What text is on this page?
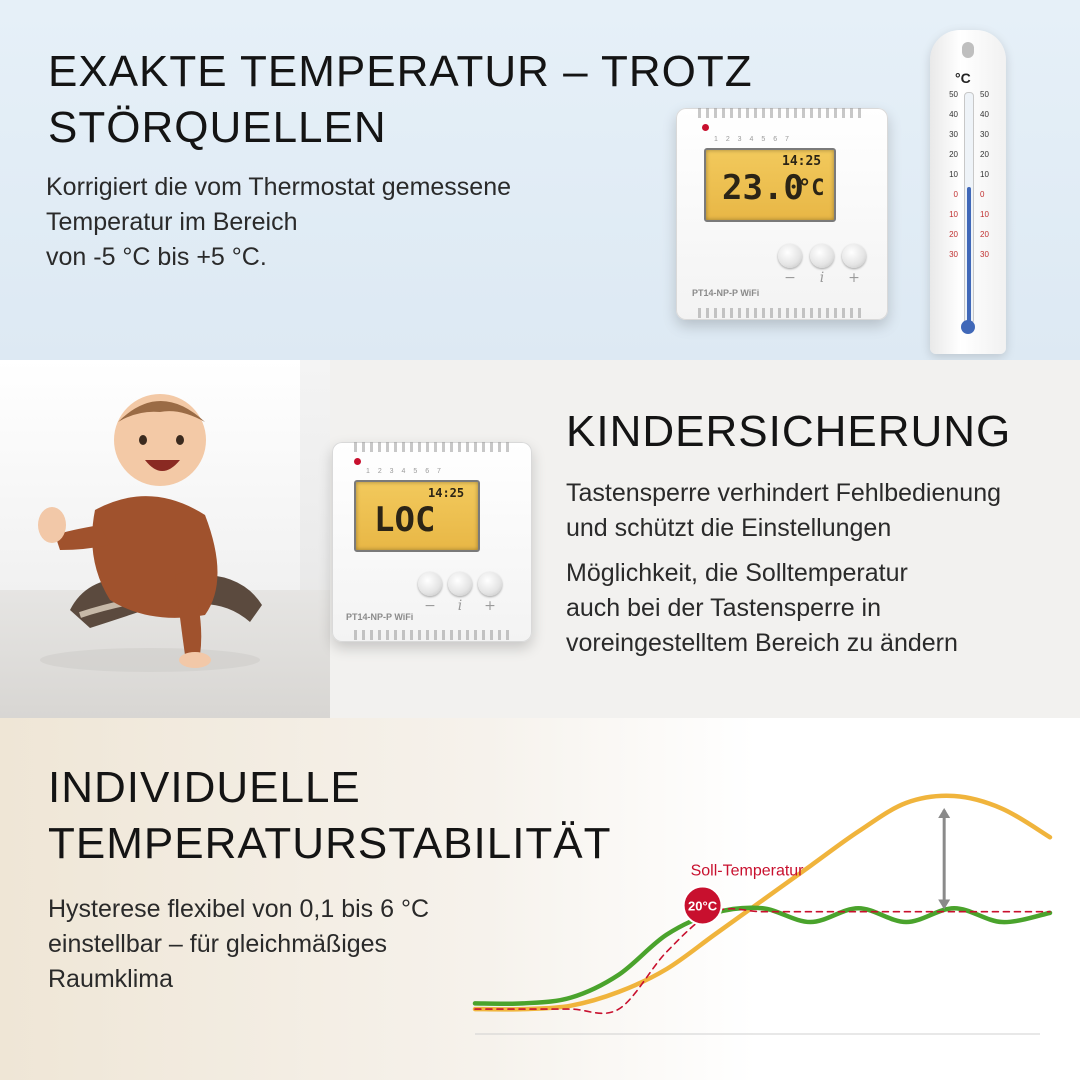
EXAKTE TEMPERATUR – TROTZ
STÖRQUELLEN

Korrigiert die vom Thermostat gemessene
Temperatur im Bereich
von -5 °C bis +5 °C.

1 2 3 4 5 6 7
14:25
23.0
°C
−	i	+
PT14-NP-P WiFi
°C
50
40
30
20
10
0
10
20
30
50
40
30
20
10
0
10
20
30
1 2 3 4 5 6 7
14:25
LOC
−	i	+
PT14-NP-P WiFi
KINDERSICHERUNG

Tastensperre verhindert Fehlbedienung
und schützt die Einstellungen

Möglichkeit, die Solltemperatur
auch bei der Tastensperre in
voreingestelltem Bereich zu ändern

INDIVIDUELLE
TEMPERATURSTABILITÄT

Hysterese flexibel von 0,1 bis 6 °C
einstellbar – für gleichmäßiges
Raumklima

20°C
Soll-Temperatur
